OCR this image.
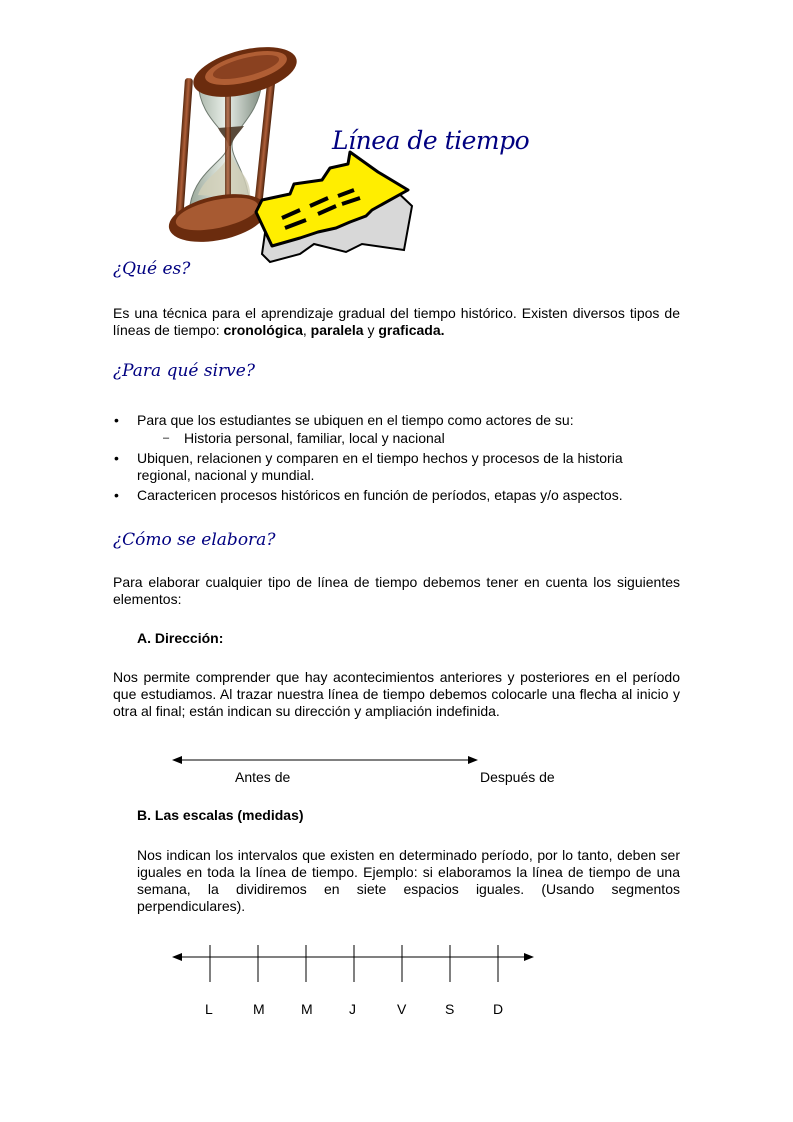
Línea de tiempo
¿Qué es?
Es una técnica para el aprendizaje gradual del tiempo histórico. Existen diversos tipos de líneas de tiempo: cronológica, paralela y graficada.
¿Para qué sirve?
• Para que los estudiantes se ubiquen en el tiempo como actores de su:
– Historia personal, familiar, local y nacional
• Ubiquen, relacionen y comparen en el tiempo hechos y procesos de la historia regional, nacional y mundial.
• Caractericen procesos históricos en función de períodos, etapas y/o aspectos.
¿Cómo se elabora?
Para elaborar cualquier tipo de línea de tiempo debemos tener en cuenta los siguientes elementos:
A. Dirección:
Nos permite comprender que hay acontecimientos anteriores y posteriores en el período que estudiamos. Al trazar nuestra línea de tiempo debemos colocarle una flecha al inicio y otra al final; están indican su dirección y ampliación indefinida.
Antes de	Después de
B. Las escalas (medidas)
Nos indican los intervalos que existen en determinado período, por lo tanto, deben ser iguales en toda la línea de tiempo. Ejemplo: si elaboramos la línea de tiempo de una semana, la dividiremos en siete espacios iguales. (Usando segmentos perpendiculares).
L	M	M	J	V	S	D
